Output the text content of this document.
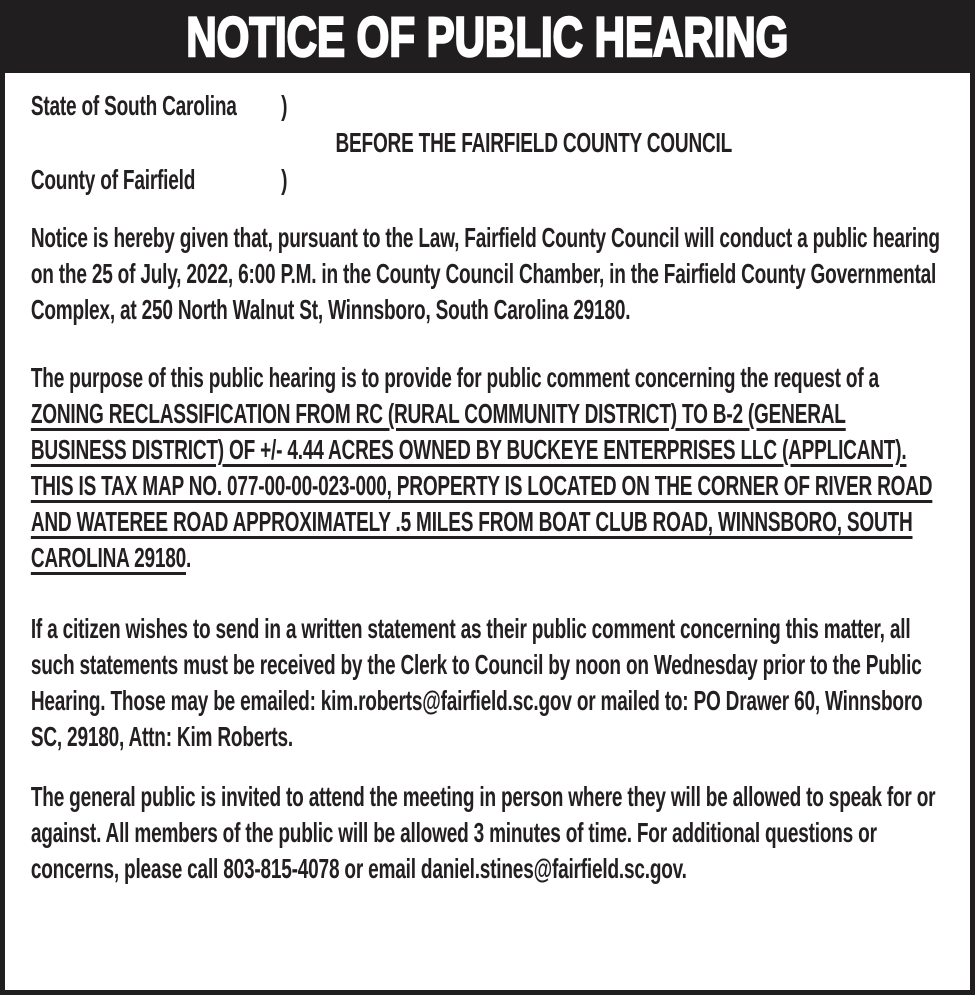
NOTICE OF PUBLIC HEARING
State of South Carolina	)
BEFORE THE FAIRFIELD COUNTY COUNCIL
County of Fairfield	)

Notice is hereby given that, pursuant to the Law, Fairfield County Council will conduct a public hearing on the 25 of July, 2022, 6:00 P.M. in the County Council Chamber, in the Fairfield County Governmental Complex, at 250 North Walnut St, Winnsboro, South Carolina 29180.

The purpose of this public hearing is to provide for public comment concerning the request of a ZONING RECLASSIFICATION FROM RC (RURAL COMMUNITY DISTRICT) TO B-2 (GENERAL BUSINESS DISTRICT) OF +/- 4.44 ACRES OWNED BY BUCKEYE ENTERPRISES LLC (APPLICANT). THIS IS TAX MAP NO. 077-00-00-023-000, PROPERTY IS LOCATED ON THE CORNER OF RIVER ROAD AND WATEREE ROAD APPROXIMATELY .5 MILES FROM BOAT CLUB ROAD, WINNSBORO, SOUTH CAROLINA 29180.

If a citizen wishes to send in a written statement as their public comment concerning this matter, all such statements must be received by the Clerk to Council by noon on Wednesday prior to the Public Hearing. Those may be emailed: kim.roberts@fairfield.sc.gov or mailed to: PO Drawer 60, Winnsboro SC, 29180, Attn: Kim Roberts.

The general public is invited to attend the meeting in person where they will be allowed to speak for or against. All members of the public will be allowed 3 minutes of time. For additional questions or concerns, please call 803-815-4078 or email daniel.stines@fairfield.sc.gov.
